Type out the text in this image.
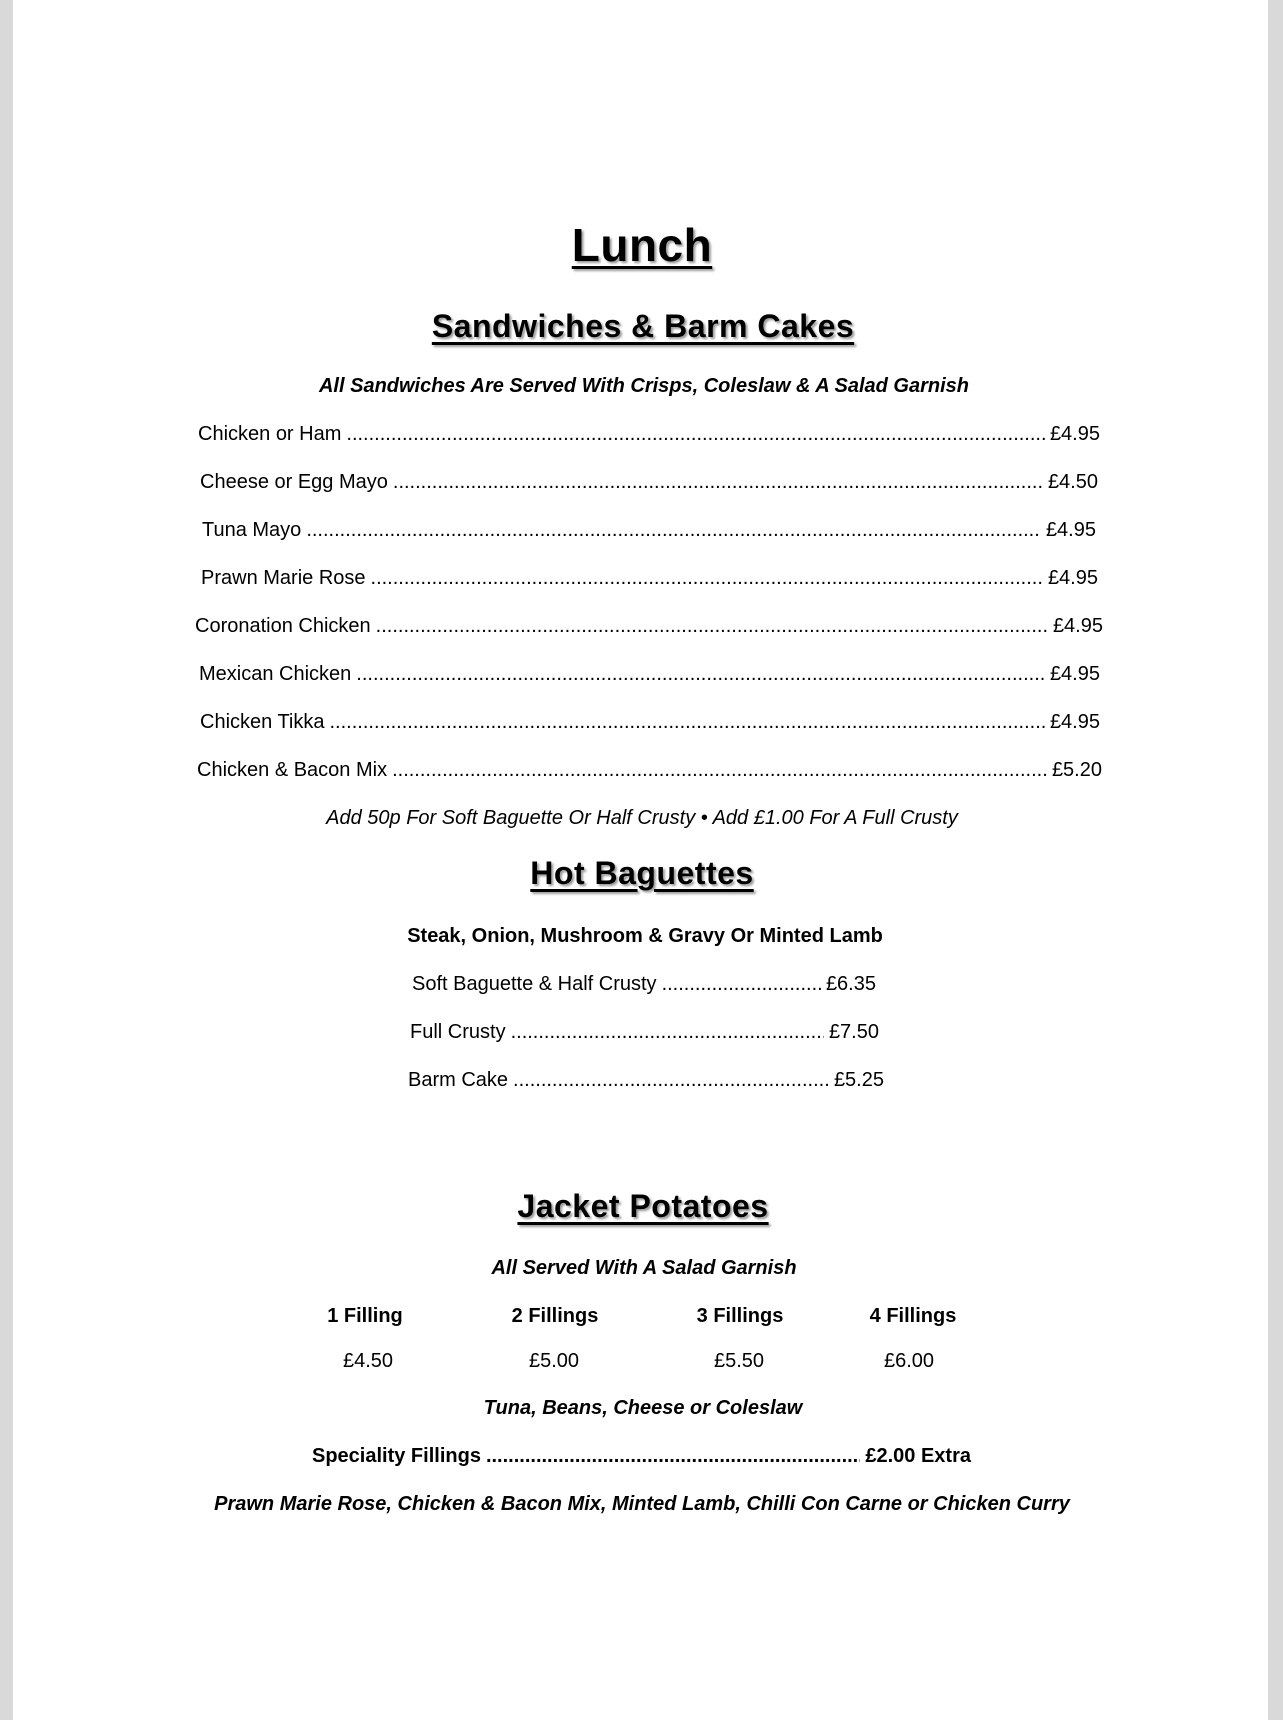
Lunch
Sandwiches & Barm Cakes
All Sandwiches Are Served With Crisps, Coleslaw & A Salad Garnish
Chicken or Ham .....	£4.95
Cheese or Egg Mayo .....	£4.50
Tuna Mayo .....	£4.95
Prawn Marie Rose .....	£4.95
Coronation Chicken .....	£4.95
Mexican Chicken .....	£4.95
Chicken Tikka .....	£4.95
Chicken & Bacon Mix .....	£5.20
Add 50p For Soft Baguette Or Half Crusty • Add £1.00 For A Full Crusty
Hot Baguettes
Steak, Onion, Mushroom & Gravy Or Minted Lamb
Soft Baguette & Half Crusty .....	£6.35
Full Crusty .....	£7.50
Barm Cake .....	£5.25
Jacket Potatoes
All Served With A Salad Garnish
1 Filling	2 Fillings	3 Fillings	4 Fillings
£4.50	£5.00	£5.50	£6.00
Tuna, Beans, Cheese or Coleslaw
Speciality Fillings .....	£2.00 Extra
Prawn Marie Rose, Chicken & Bacon Mix, Minted Lamb, Chilli Con Carne or Chicken Curry
